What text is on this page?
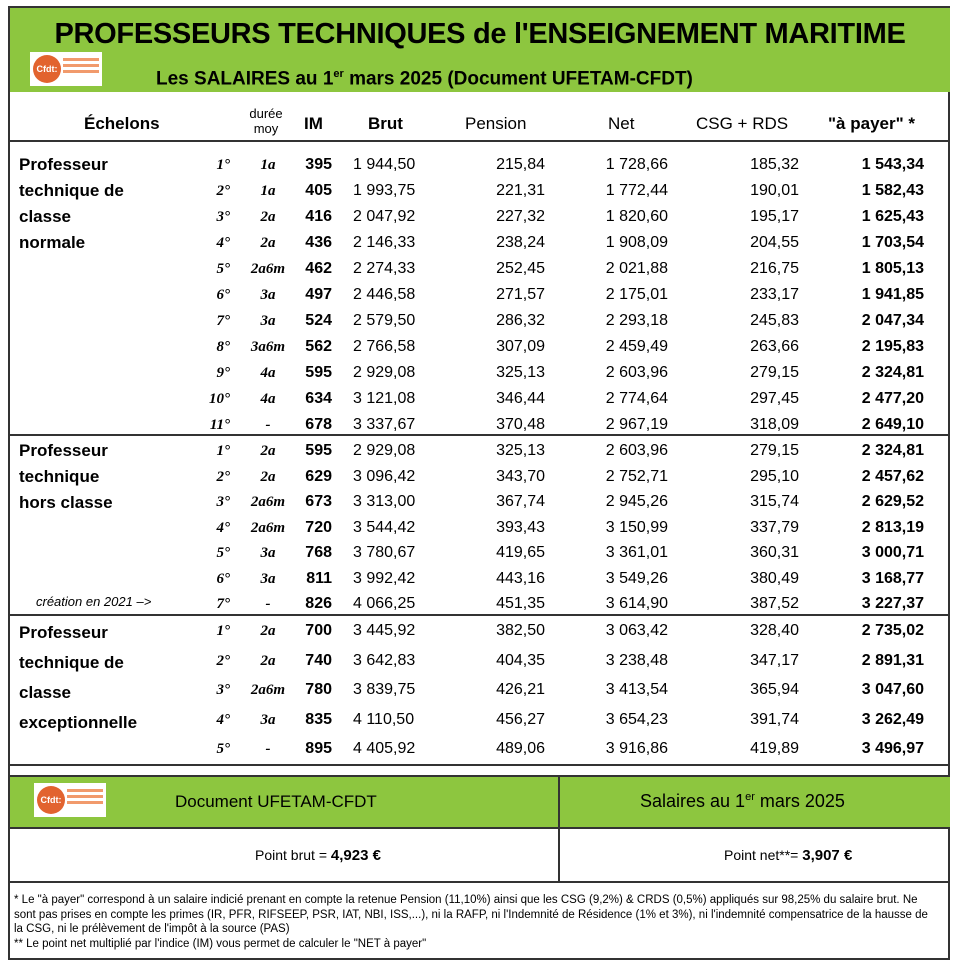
PROFESSEURS TECHNIQUES de l'ENSEIGNEMENT MARITIME
Cfdt:	Les SALAIRES au 1er mars 2025 (Document UFETAM-CFDT)
Échelons
durée
moy	IM	Brut	Pension	Net	CSG + RDS "à payer" *
Professeur
technique de
classe
normale
1°	1a	395 1 944,50	215,84	1 728,66	185,32	1 543,34
2°	1a	405 1 993,75	221,31	1 772,44	190,01	1 582,43
3°	2a	416 2 047,92	227,32	1 820,60	195,17	1 625,43
4°	2a	436 2 146,33	238,24	1 908,09	204,55	1 703,54
5°	2a6m	462 2 274,33	252,45	2 021,88	216,75	1 805,13
6°	3a	497 2 446,58	271,57	2 175,01	233,17	1 941,85
7°	3a	524 2 579,50	286,32	2 293,18	245,83	2 047,34
8°	3a6m	562 2 766,58	307,09	2 459,49	263,66	2 195,83
9°	4a	595 2 929,08	325,13	2 603,96	279,15	2 324,81
10°	4a	634 3 121,08	346,44	2 774,64	297,45	2 477,20
11°	-	678 3 337,67	370,48	2 967,19	318,09	2 649,10
Professeur
technique
hors classe
création en 2021 –>
1°	2a	595 2 929,08	325,13	2 603,96	279,15	2 324,81
2°	2a	629 3 096,42	343,70	2 752,71	295,10	2 457,62
3°	2a6m	673 3 313,00	367,74	2 945,26	315,74	2 629,52
4°	2a6m	720 3 544,42	393,43	3 150,99	337,79	2 813,19
5°	3a	768 3 780,67	419,65	3 361,01	360,31	3 000,71
6°	3a	811 3 992,42	443,16	3 549,26	380,49	3 168,77
7°	-	826 4 066,25	451,35	3 614,90	387,52	3 227,37
Professeur
technique de
classe
exceptionnelle
1°	2a	700 3 445,92	382,50	3 063,42	328,40	2 735,02
2°	2a	740 3 642,83	404,35	3 238,48	347,17	2 891,31
3°	2a6m	780 3 839,75	426,21	3 413,54	365,94	3 047,60
4°	3a	835 4 110,50	456,27	3 654,23	391,74	3 262,49
5°	-	895 4 405,92	489,06	3 916,86	419,89	3 496,97
Cfdt:	Document UFETAM-CFDT	Salaires au 1er mars 2025
Point brut = 4,923 €	Point net**= 3,907 €
* Le "à payer" correspond à un salaire indicié prenant en compte la retenue Pension (11,10%) ainsi que les CSG (9,2%) & CRDS (0,5%) appliqués sur 98,25% du salaire brut. Ne sont pas prises en compte les primes (IR, PFR, RIFSEEP, PSR, IAT, NBI, ISS,...), ni la RAFP, ni l'Indemnité de Résidence (1% et 3%), ni l'indemnité compensatrice de la hausse de la CSG, ni le prélèvement de l'impôt à la source (PAS)
** Le point net multiplié par l'indice (IM) vous permet de calculer le "NET à payer"
